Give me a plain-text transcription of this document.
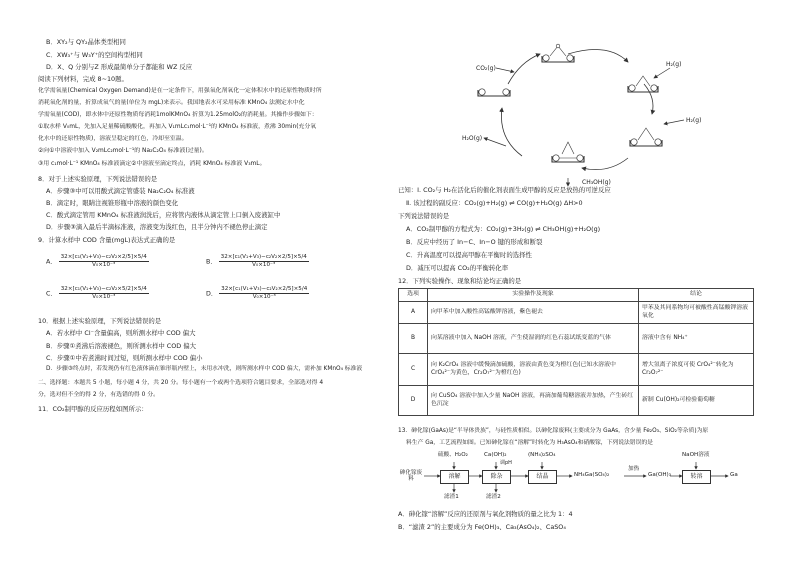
B．XY₂与 QY₂晶体类型相同
C．XW₃⁺与 W₃Y⁺的空间构型相同
D．X、Q 分别与Z 形成最简单分子都能和 WZ 反应
阅读下列材料，完成 8~10题。
化学需氧量(Chemical Oxygen Demand)是在一定条件下，用强氧化剂氧化一定体积水中的还原性物质时所
消耗氧化剂的量，折算成氧气的量(单位为 mgL)来表示。我国地表水可采用标准 KMnO₄ 法测定水中化
学需氧量(COD)，即水体中还原性物质每消耗1molKMnO₄ 折算为1.25molO₂的消耗量。其操作步骤如下：
①取水样 V₀mL，先加入足量稀硫酸酸化，再加入 V₁mLc₁mol·L⁻¹的 KMnO₄ 标准液，煮沸 30min(充分氧
化水中的还原性物质)，溶液呈稳定的红色，冷却至室温。
②向①中溶液中加入 V₂mLc₂mol·L⁻¹的 Na₂C₂O₄ 标准液(过量)。
③用 c₁mol·L⁻¹ KMnO₄ 标准液滴定②中溶液至滴定终点，消耗 KMnO₄ 标准液 V₃mL。
8．对于上述实验原理，下列说法错误的是
A．步骤③中可以用酸式滴定管盛装 Na₂C₂O₄ 标准液
B．滴定时，眼睛注视锥形瓶中溶液的颜色变化
C．酸式滴定管用 KMnO₄ 标准液润洗后，应将管内液体从滴定管上口倒入废液缸中
D．步骤③滴入最后半滴标准液，溶液变为浅红色，且半分钟内不褪色停止滴定
9．计算水样中 COD 含量(mgL)表达式正确的是
A． $\frac{\text{32×[c₁(V₁+V₃)−c₂V₂×2/5]×5/4}}{\text{V₀×10⁻³}}$	B． $\frac{\text{32×[c₁(V₁+V₃)−c₂V₂×2/5]×5/4}}{\text{V₀×10⁻³}}$
C． $\frac{\text{32×[c₁(V₁+V₃)−c₂V₂×5/2]×5/4}}{\text{V₀×10⁻³}}$	D． $\frac{\text{32×[c₁(V₁+V₃)−c₂V₂×2/5]×5/4}}{\text{V₀×10⁻³}}$
10．根据上述实验原理，下列说法错误的是
A．若水样中 Cl⁻含量偏高，则所测水样中 COD 偏大
B．步骤①煮沸后溶液褪色，则所测水样中 COD 偏大
C．步骤①中若煮沸时间过短，则所测水样中 COD 偏小
D．步骤③终点时，若发现仍有红色液体滴在锥形瓶内壁上，未用水冲洗，则所测水样中 COD 偏大，需补加 KMnO₄ 标准液
二、选择题：本题共 5 小题，每小题 4 分，共 20 分。每小题有一个或两个选项符合题目要求，全部选对得 4
分，选对但不全的得 2 分，有选错的得 0 分。
11．CO₂制甲醇的反应历程如图所示：
CO₂(g)
H₂(g)
H₂(g)
H₂O(g)
CH₃OH(g)
已知：Ⅰ. CO₂与 H₂在活化后的催化剂表面生成甲醇的反应是放热的可逆反应
Ⅱ. 该过程的副反应：CO₂(g)+H₂(g) ⇌ CO(g)+H₂O(g) ΔH>0
下列说法错误的是
A．CO₂制甲醇的方程式为：CO₂(g)+3H₂(g) ⇌ CH₃OH(g)+H₂O(g)
B．反应中经历了 In−C、In−O 键的形成和断裂
C．升高温度可以提高甲醇在平衡时的选择性
D．减压可以提高 CO₂的平衡转化率
12．下列实验操作、现象和结论均正确的是
选项	实验操作及现象	结论
A	向甲苯中加入酸性高锰酸钾溶液，紫色褪去	甲苯及其同系物均可被酸性高锰酸钾溶液氧化
B	向某溶液中加入 NaOH 溶液，产生使湿润的红色石蕊试纸变蓝的气体	溶液中含有 NH₄⁺
C	向 K₂CrO₄ 溶液中缓慢滴加硫酸，溶液由黄色变为橙红色(已知水溶液中 CrO₄²⁻为黄色，Cr₂O₇²⁻为橙红色)	增大氢离子浓度可使 CrO₄²⁻转化为 Cr₂O₇²⁻
D	向 CuSO₄ 溶液中加入少量 NaOH 溶液，再滴加葡萄糖溶液并加热，产生砖红色沉淀	新制 Cu(OH)₂可检验葡萄糖
13．砷化镓(GaAs)是“半导体贵族”，与硅性质相似。以砷化镓废料(主要成分为 GaAs，含少量 Fe₂O₃、SiO₂等杂质)为原
料生产 Ga，工艺流程如图。已知砷化镓在“溶解”时转化为 H₃AsO₄和硝酸镓，下列说法错误的是
砷化镓废料
硫酸、H₂O₂	Ca(OH)₂
调pH
(NH₄)₂SO₄
加热
NaOH溶液
溶解	除杂	结晶	转溶
NH₄Ga(SO₄)₂	Ga(OH)₃	Ga
滤渣1	滤渣2
A．砷化镓“溶解”反应的还原剂与氧化剂物质的量之比为 1：4
B．“滤渣 2”的主要成分为 Fe(OH)₃、Ca₃(AsO₄)₂、CaSO₄
